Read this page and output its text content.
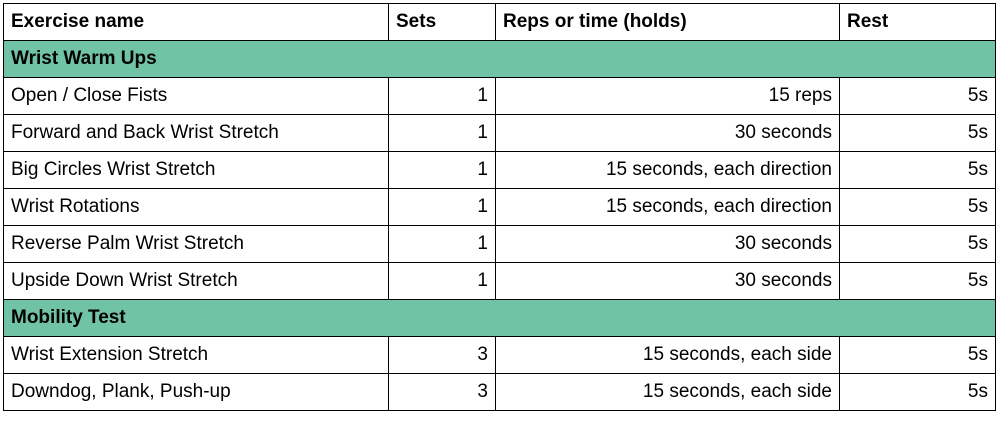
Exercise name	Sets	Reps or time (holds)	Rest
Wrist Warm Ups			
Open / Close Fists	1	15 reps	5s
Forward and Back Wrist Stretch	1	30 seconds	5s
Big Circles Wrist Stretch	1	15 seconds, each direction	5s
Wrist Rotations	1	15 seconds, each direction	5s
Reverse Palm Wrist Stretch	1	30 seconds	5s
Upside Down Wrist Stretch	1	30 seconds	5s
Mobility Test			
Wrist Extension Stretch	3	15 seconds, each side	5s
Downdog, Plank, Push-up	3	15 seconds, each side	5s
